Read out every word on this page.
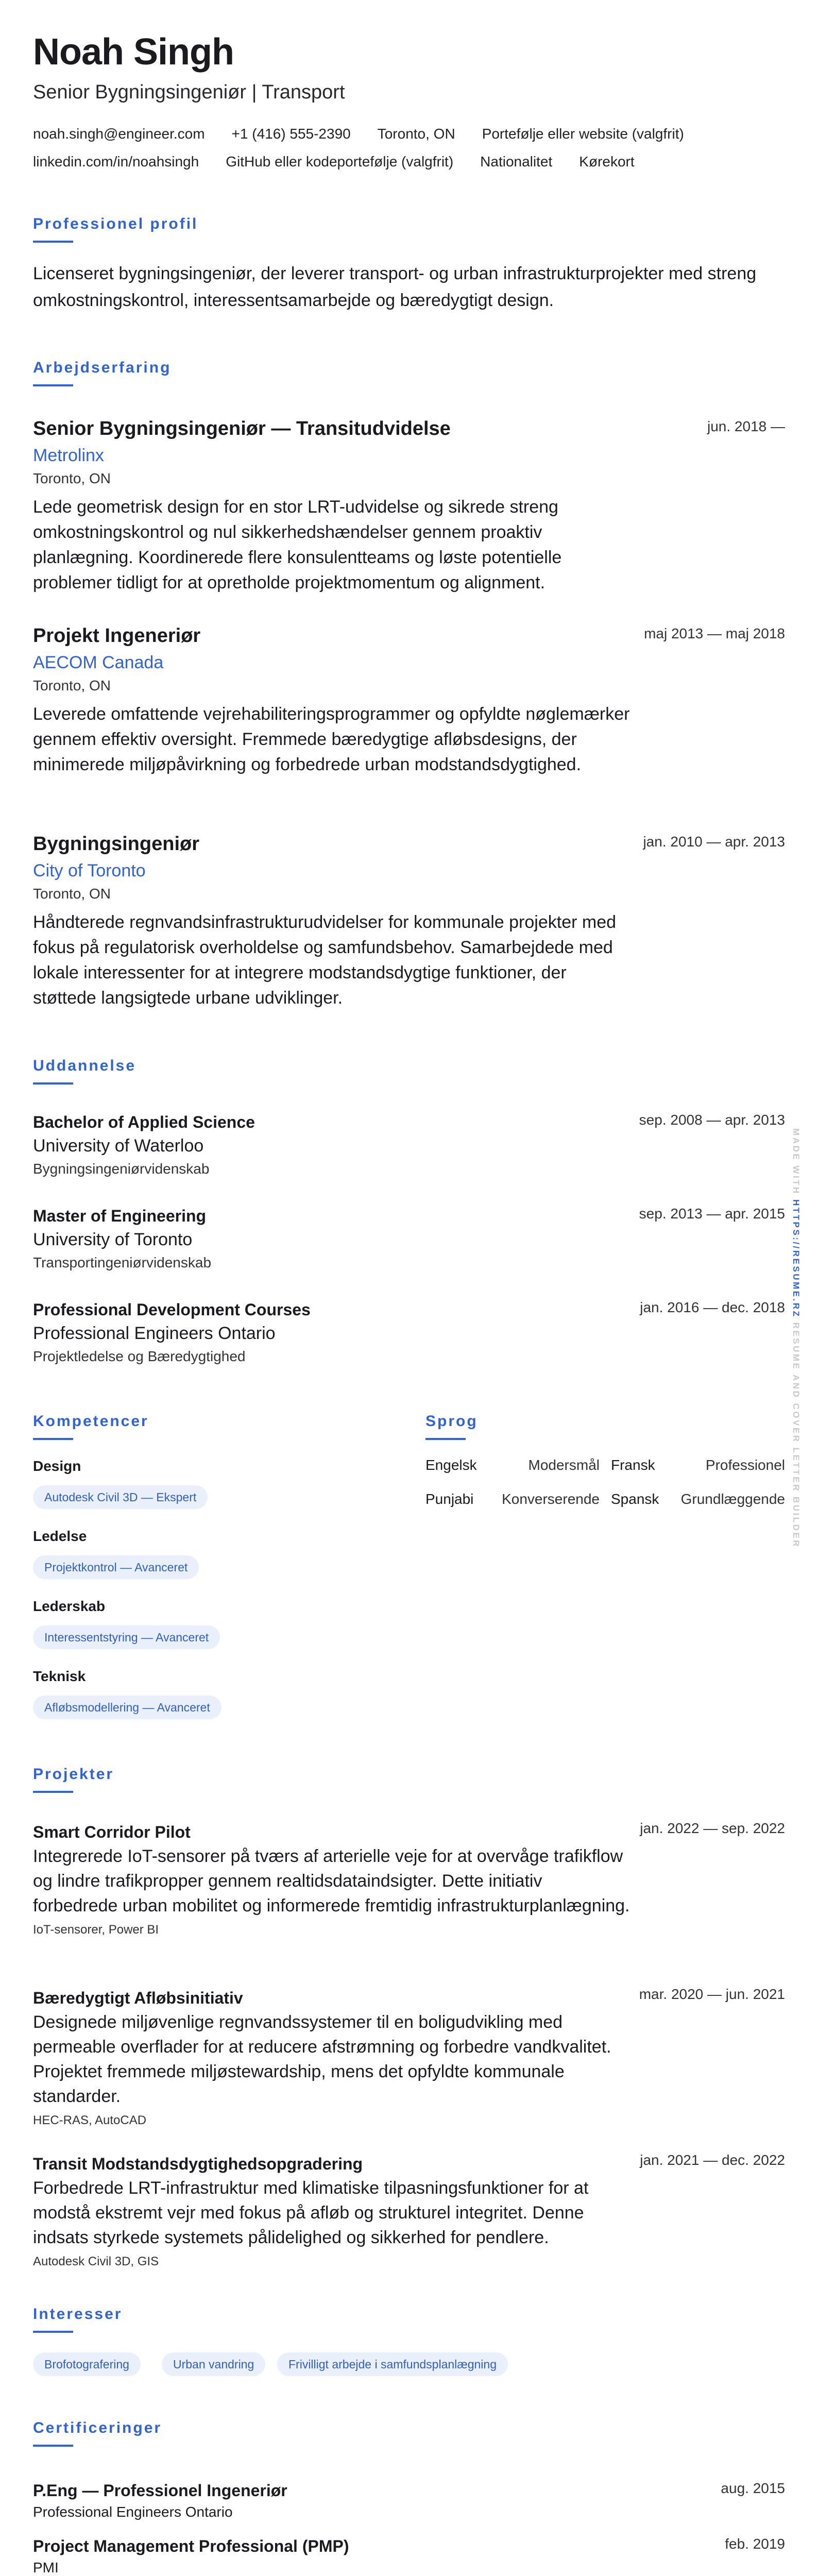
Noah Singh

Senior Bygningsingeniør | Transport

noah.singh@engineer.com +1 (416) 555-2390 Toronto, ON Portefølje eller website (valgfrit)
linkedin.com/in/noahsingh GitHub eller kodeportefølje (valgfrit) Nationalitet Kørekort
Professionel profil

Licenseret bygningsingeniør, der leverer transport- og urban infrastrukturprojekter med streng omkostningskontrol, interessentsamarbejde og bæredygtigt design.

Arbejdserfaring
Senior Bygningsingeniør — Transitudvidelse	jun. 2018 —
Metrolinx
Toronto, ON
Lede geometrisk design for en stor LRT-udvidelse og sikrede streng omkostningskontrol og nul sikkerhedshændelser gennem proaktiv planlægning. Koordinerede flere konsulentteams og løste potentielle problemer tidligt for at opretholde projektmomentum og alignment.
Projekt Ingeneriør	maj 2013 — maj 2018
AECOM Canada
Toronto, ON
Leverede omfattende vejrehabiliteringsprogrammer og opfyldte nøglemærker gennem effektiv oversight. Fremmede bæredygtige afløbsdesigns, der minimerede miljøpåvirkning og forbedrede urban modstandsdygtighed.
Bygningsingeniør	jan. 2010 — apr. 2013
City of Toronto
Toronto, ON
Håndterede regnvandsinfrastrukturudvidelser for kommunale projekter med fokus på regulatorisk overholdelse og samfundsbehov. Samarbejdede med lokale interessenter for at integrere modstandsdygtige funktioner, der støttede langsigtede urbane udviklinger.
Uddannelse
Bachelor of Applied Science	sep. 2008 — apr. 2013
University of Waterloo
Bygningsingeniørvidenskab
Master of Engineering	sep. 2013 — apr. 2015
University of Toronto
Transportingeniørvidenskab
Professional Development Courses	jan. 2016 — dec. 2018
Professional Engineers Ontario
Projektledelse og Bæredygtighed
Kompetencer
Design
Autodesk Civil 3D — Ekspert
Ledelse
Projektkontrol — Avanceret
Lederskab
Interessentstyring — Avanceret
Teknisk
Afløbsmodellering — Avanceret
Sprog
Engelsk	Modersmål Fransk	Professionel
Punjabi	Konverserende Spansk	Grundlæggende
Projekter
Smart Corridor Pilot	jan. 2022 — sep. 2022
Integrerede IoT-sensorer på tværs af arterielle veje for at overvåge trafikflow og lindre trafikpropper gennem realtidsdataindsigter. Dette initiativ forbedrede urban mobilitet og informerede fremtidig infrastrukturplanlægning.
IoT-sensorer, Power BI
Bæredygtigt Afløbsinitiativ	mar. 2020 — jun. 2021
Designede miljøvenlige regnvandssystemer til en boligudvikling med permeable overflader for at reducere afstrømning og forbedre vandkvalitet. Projektet fremmede miljøstewardship, mens det opfyldte kommunale standarder.
HEC-RAS, AutoCAD
Transit Modstandsdygtighedsopgradering	jan. 2021 — dec. 2022
Forbedrede LRT-infrastruktur med klimatiske tilpasningsfunktioner for at modstå ekstremt vejr med fokus på afløb og strukturel integritet. Denne indsats styrkede systemets pålidelighed og sikkerhed for pendlere.
Autodesk Civil 3D, GIS
Interesser
Brofotografering	Urban vandring	Frivilligt arbejde i samfundsplanlægning
Certificeringer
P.Eng — Professionel Ingeneriør	aug. 2015
Professional Engineers Ontario
Project Management Professional (PMP)	feb. 2019
PMI
MADE WITH HTTPS://RESUME.RZ RESUME AND COVER LETTER BUILDER
